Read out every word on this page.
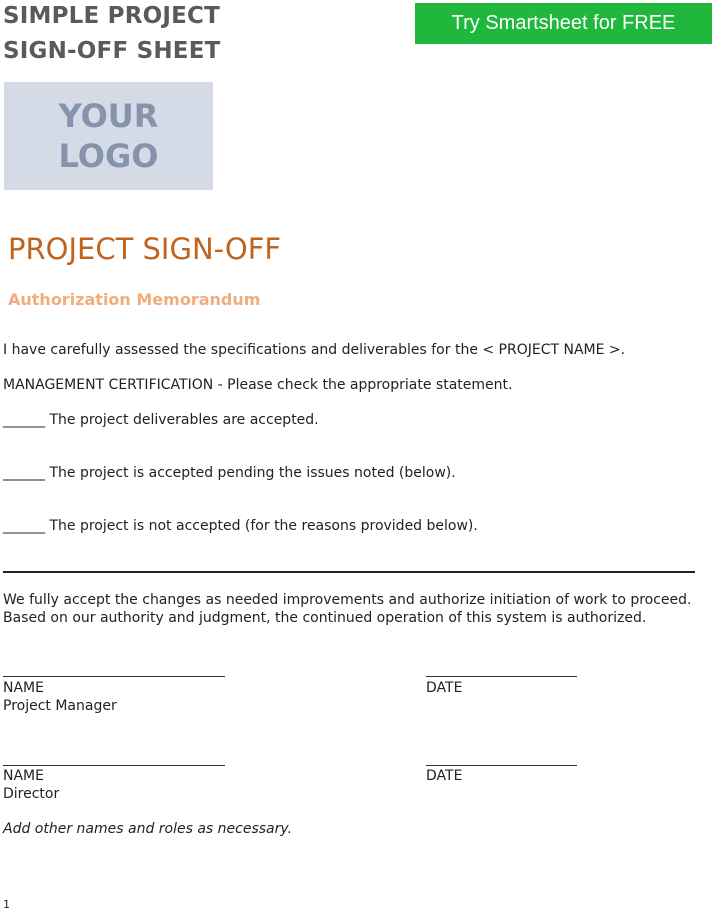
SIMPLE PROJECT
SIGN-OFF SHEET
Try Smartsheet for FREE
YOUR
LOGO
PROJECT SIGN-OFF
Authorization Memorandum

I have carefully assessed the specifications and deliverables for the < PROJECT NAME >.

MANAGEMENT CERTIFICATION - Please check the appropriate statement.

______ The project deliverables are accepted.
______ The project is accepted pending the issues noted (below).
______ The project is not accepted (for the reasons provided below).

We fully accept the changes as needed improvements and authorize initiation of work to proceed.

Based on our authority and judgment, the continued operation of this system is authorized.

NAME	DATE

Project Manager

NAME	DATE

Director

Add other names and roles as necessary.

1
